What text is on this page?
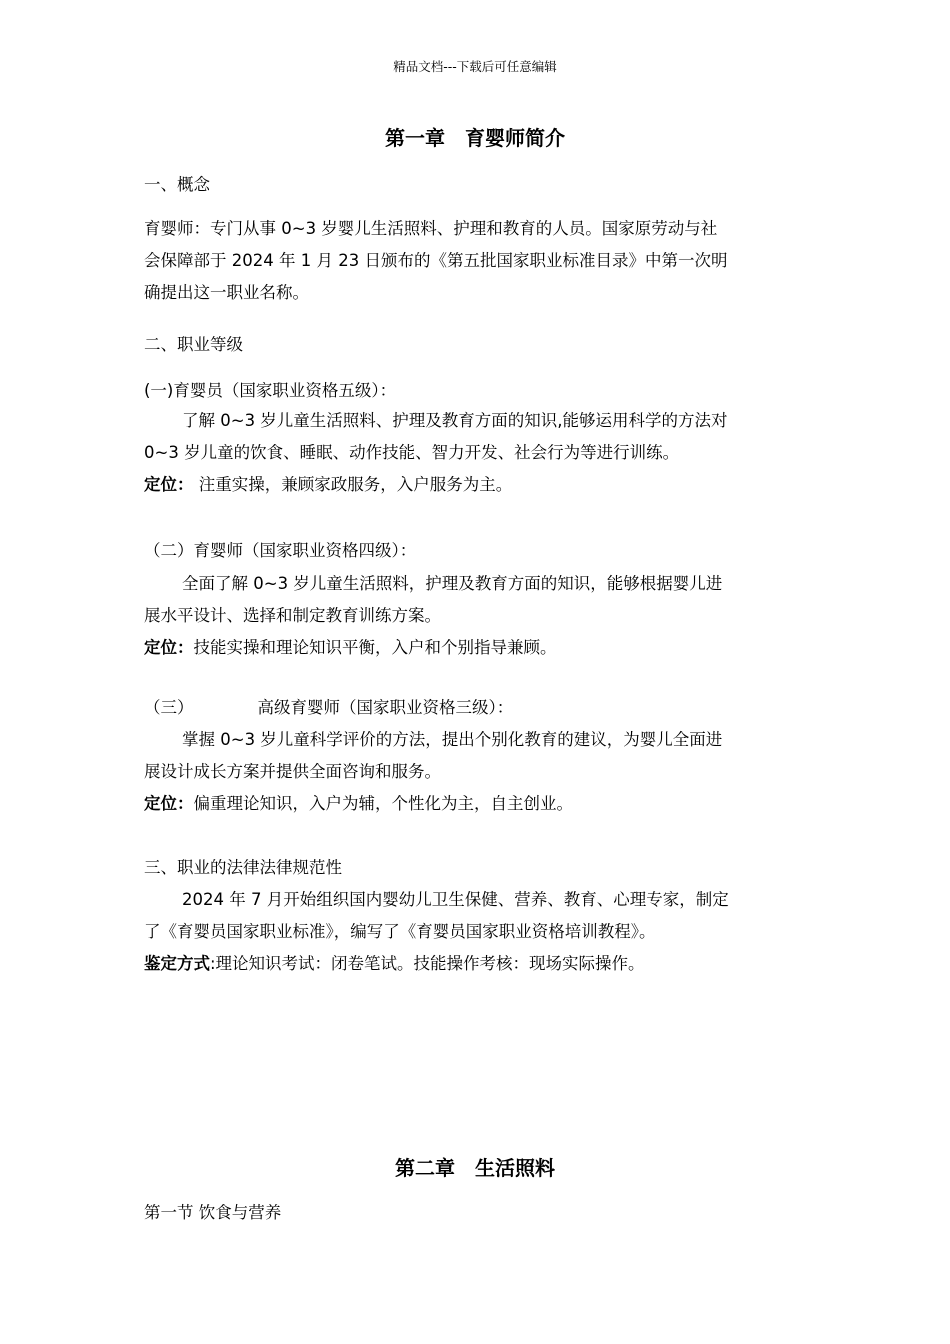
精品文档---下载后可任意编辑
第一章　育婴师简介
一、概念
育婴师：专门从事 0~3 岁婴儿生活照料、护理和教育的人员。国家原劳动与社
会保障部于 2024 年 1 月 23 日颁布的《第五批国家职业标准目录》中第一次明
确提出这一职业名称。
二、职业等级
(一)育婴员（国家职业资格五级）：
了解 0~3 岁儿童生活照料、护理及教育方面的知识,能够运用科学的方法对
0~3 岁儿童的饮食、睡眠、动作技能、智力开发、社会行为等进行训练。
定位： 注重实操，兼顾家政服务，入户服务为主。
（二）育婴师（国家职业资格四级）：
全面了解 0~3 岁儿童生活照料，护理及教育方面的知识，能够根据婴儿进
展水平设计、选择和制定教育训练方案。
定位：技能实操和理论知识平衡，入户和个别指导兼顾。
（三）	高级育婴师（国家职业资格三级）：
掌握 0~3 岁儿童科学评价的方法，提出个别化教育的建议，为婴儿全面进
展设计成长方案并提供全面咨询和服务。
定位：偏重理论知识，入户为辅，个性化为主，自主创业。
三、职业的法律法律规范性
2024 年 7 月开始组织国内婴幼儿卫生保健、营养、教育、心理专家，制定
了《育婴员国家职业标准》，编写了《育婴员国家职业资格培训教程》。
鉴定方式:理论知识考试：闭卷笔试。技能操作考核：现场实际操作。
第二章　生活照料
第一节 饮食与营养
